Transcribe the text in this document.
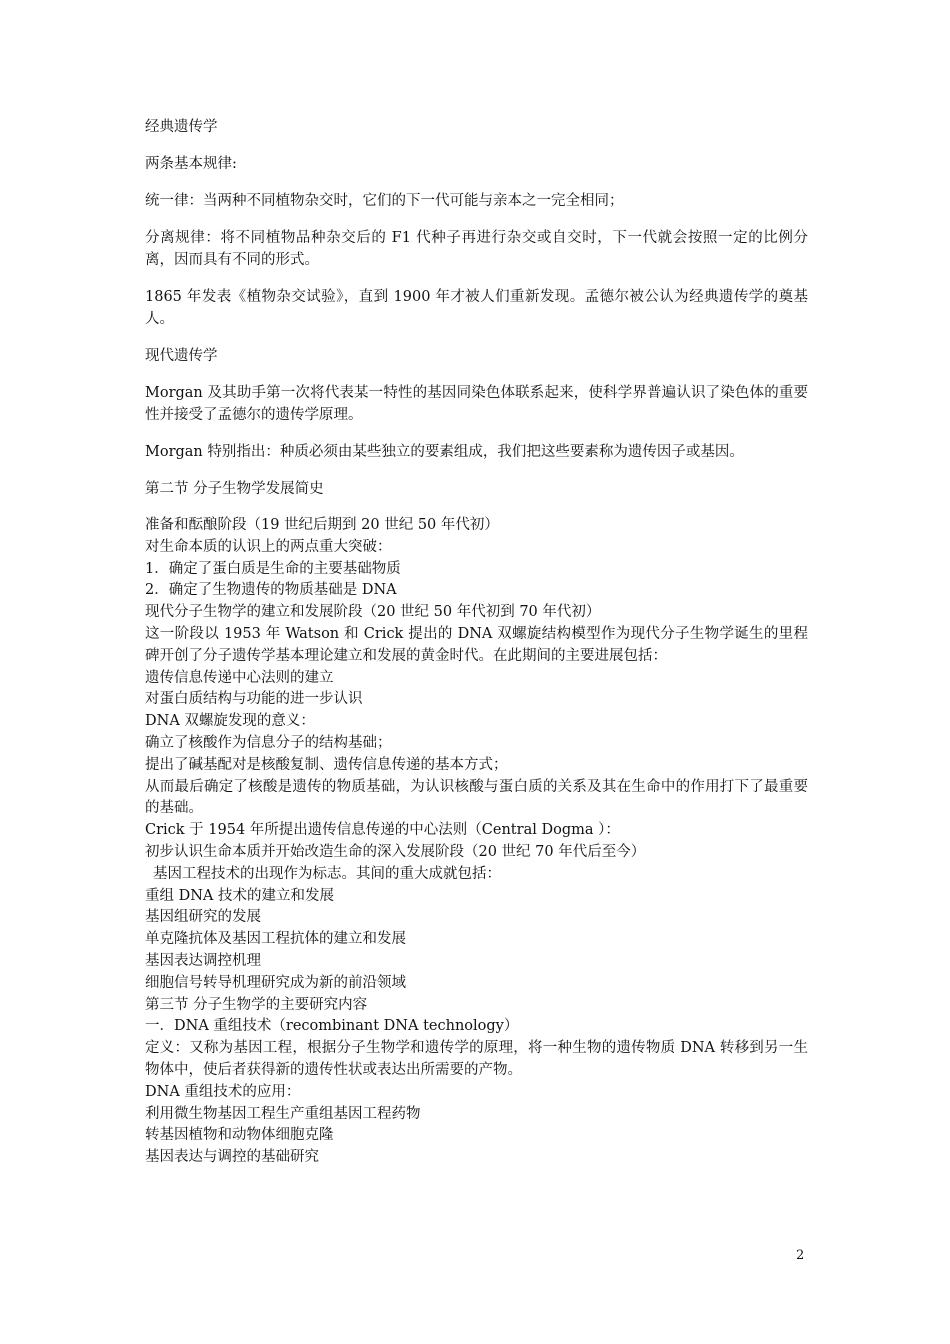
经典遗传学

两条基本规律:

统一律：当两种不同植物杂交时，它们的下一代可能与亲本之一完全相同；

分离规律：将不同植物品种杂交后的 F1 代种子再进行杂交或自交时，下一代就会按照一定的比例分离，因而具有不同的形式。

1865 年发表《植物杂交试验》，直到 1900 年才被人们重新发现。孟德尔被公认为经典遗传学的奠基人。

现代遗传学

Morgan 及其助手第一次将代表某一特性的基因同染色体联系起来，使科学界普遍认识了染色体的重要性并接受了孟德尔的遗传学原理。

Morgan 特别指出：种质必须由某些独立的要素组成，我们把这些要素称为遗传因子或基因。

第二节 分子生物学发展简史

准备和酝酿阶段（19 世纪后期到 20 世纪 50 年代初）

对生命本质的认识上的两点重大突破：

1．确定了蛋白质是生命的主要基础物质

2．确定了生物遗传的物质基础是 DNA

现代分子生物学的建立和发展阶段（20 世纪 50 年代初到 70 年代初）

这一阶段以 1953 年 Watson 和 Crick 提出的 DNA 双螺旋结构模型作为现代分子生物学诞生的里程碑开创了分子遗传学基本理论建立和发展的黄金时代。在此期间的主要进展包括：

遗传信息传递中心法则的建立

对蛋白质结构与功能的进一步认识

DNA 双螺旋发现的意义：

确立了核酸作为信息分子的结构基础；

提出了碱基配对是核酸复制、遗传信息传递的基本方式；

从而最后确定了核酸是遗传的物质基础，为认识核酸与蛋白质的关系及其在生命中的作用打下了最重要的基础。

Crick 于 1954 年所提出遗传信息传递的中心法则（Central Dogma ）：

初步认识生命本质并开始改造生命的深入发展阶段（20 世纪 70 年代后至今）

基因工程技术的出现作为标志。其间的重大成就包括：

重组 DNA 技术的建立和发展

基因组研究的发展

单克隆抗体及基因工程抗体的建立和发展

基因表达调控机理

细胞信号转导机理研究成为新的前沿领域

第三节 分子生物学的主要研究内容

一．DNA 重组技术（recombinant DNA technology）

定义：又称为基因工程，根据分子生物学和遗传学的原理，将一种生物的遗传物质 DNA 转移到另一生物体中，使后者获得新的遗传性状或表达出所需要的产物。

DNA 重组技术的应用：

利用微生物基因工程生产重组基因工程药物

转基因植物和动物体细胞克隆

基因表达与调控的基础研究

2
